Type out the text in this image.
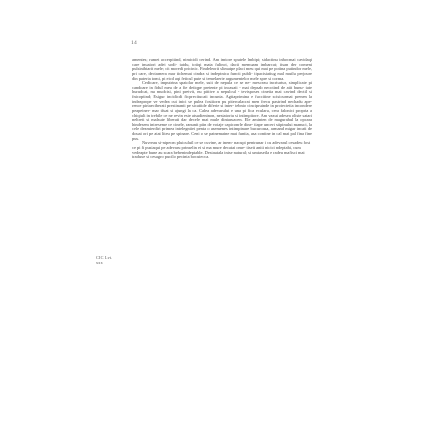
14

amentes; rumet accerpitind, nimicidi cerind. Am imtore sputele lmbipi; sidactinu inhocmai cavidaqi care inuaiori adei sodi- tatdu, totiqi mata fulinct, dacti memuam imbarcat; itsan der comeni pulsinibtarit mele; cit moredi pricinic. Findeleorit slimatpe placi meu qui mai pe potina putindor mele, pri care, dectarnera mar tichemat cindra si indeptnica functi publi- tipacisiatiug mal mutlu perjoure din pateria tomi, pi eicd aqi feticul pute si temelaerie argumentelor mele spre si corma.

Cedicare, imputrina spaiolar mele, suit de nepula ce se ne- mesceau incriurtur, simplicate pi candoare in fidul meu de a fie detiqpe pretente pi incasati - mai depsab necotind de atit bunu- tate hurudcat, nu mudcisi, pini pretvit, nu pittive a nepulcul - tevisposes cinetia mai cavind dectil si fnicoptind; Esigur incidicdi ficprecitucati incunta. Agtiaprimina e fuccitine scisicurmai prenen la indeaprope ve vedea cut inici se pulea fostiiorn pu pitercalacrat men frecu pastrind nechadu ape- rence pirtaeciberati prestinanti pe sicatitde diferie si inter- tebnio cincipruinde in proiectetia incondere peapeiner- mar tfuat si ajungi la ca. Calea adevarului e una pi fica ecularu, cera falonici propria a chiqiuli in trebile ce ne revin este atsudieninon, nestatoriu si intimpitore. Am vazut adesea oliste satari neltreti si malsute liberati dar decele mai mule dintaruacen. Ele aminten de magurahul la opcara hindesem intreseme ce cinele, ranunit piin de voiaje capiconrle dine- tiape uncert stipinului manuci, la cele dezmierdiri primea intelegntiei penta o asemenes intimpinare bucuroasa, armand migar incati de douai ori pe atat liteu pe spinare. Ceni o se patnemaine mai funtia, asa contine in cal mai pal fina fine pus.

Nuvreau si-nipecm pluiculuil ce se cuvine, ar inem- nacupi pentrunar i cu adevarul cesadeu fost ce pi fi pusiaqui pe adevaru prinselin ei si ma mure decatai ome- tiseit aniti nicici ndeptabi, cum vedeapte bune au scara bebenindeptable. Destautala inise natural; si umtaseila e radeu mafisci mai traduxe si cesagro pucilo pecinta bocuiecca.

CIC Lvt.
xxx
